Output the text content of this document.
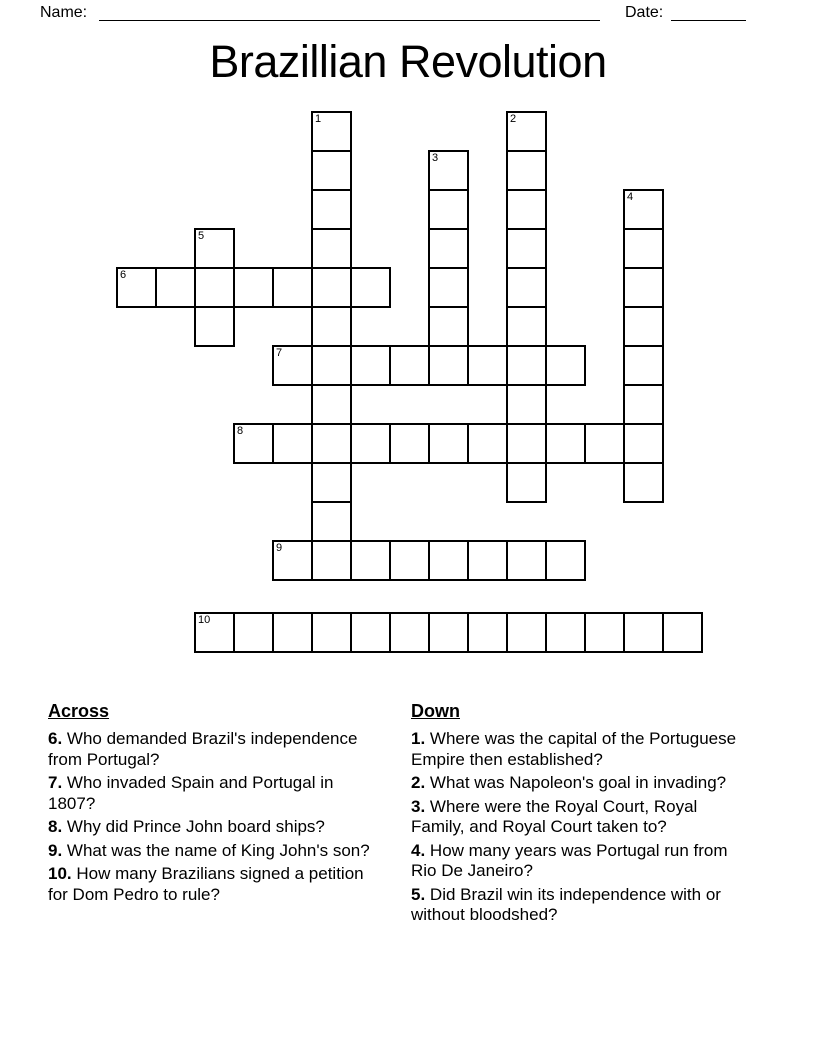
Name:	Date:
Brazillian Revolution
1	2
3
4
5
6
7
8
9
10
Across

6. Who demanded Brazil's independence from Portugal?

7. Who invaded Spain and Portugal in 1807?

8. Why did Prince John board ships?

9. What was the name of King John's son?

10. How many Brazilians signed a petition for Dom Pedro to rule?

Down

1. Where was the capital of the Portuguese Empire then established?

2. What was Napoleon's goal in invading?

3. Where were the Royal Court, Royal Family, and Royal Court taken to?

4. How many years was Portugal run from Rio De Janeiro?

5. Did Brazil win its independence with or without bloodshed?
